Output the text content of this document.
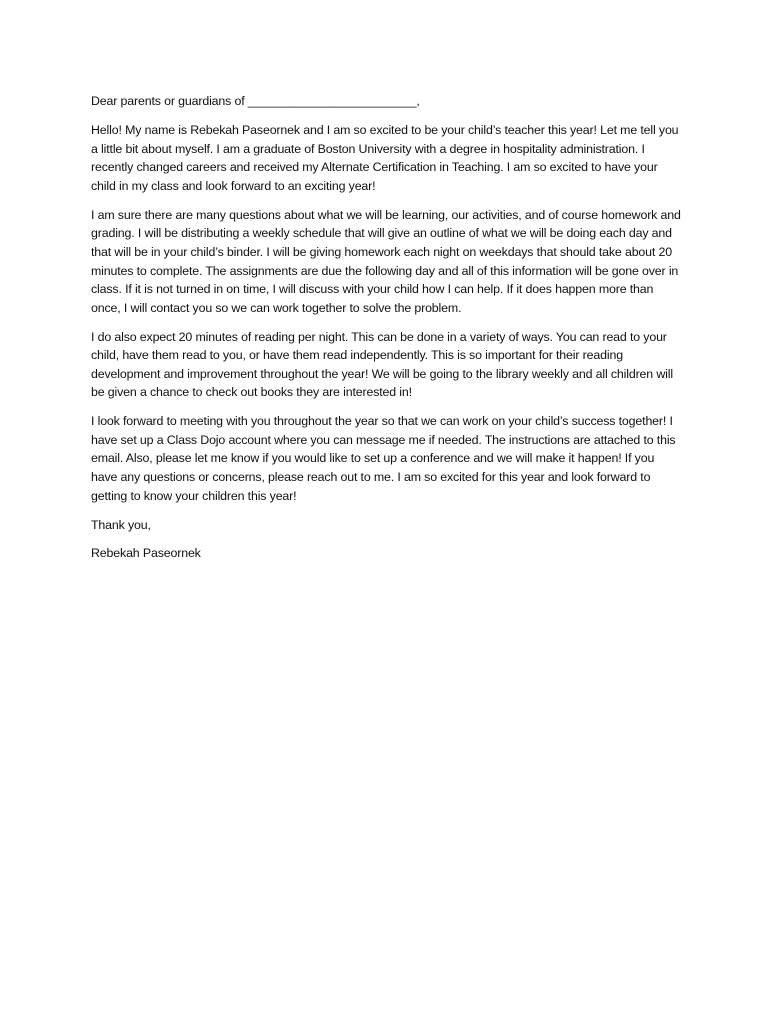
Dear parents or guardians of _________________________,

Hello! My name is Rebekah Paseornek and I am so excited to be your child’s teacher this year! Let me tell you a little bit about myself. I am a graduate of Boston University with a degree in hospitality administration. I recently changed careers and received my Alternate Certification in Teaching. I am so excited to have your child in my class and look forward to an exciting year!

I am sure there are many questions about what we will be learning, our activities, and of course homework and grading. I will be distributing a weekly schedule that will give an outline of what we will be doing each day and that will be in your child’s binder. I will be giving homework each night on weekdays that should take about 20 minutes to complete. The assignments are due the following day and all of this information will be gone over in class. If it is not turned in on time, I will discuss with your child how I can help. If it does happen more than once, I will contact you so we can work together to solve the problem.

I do also expect 20 minutes of reading per night. This can be done in a variety of ways. You can read to your child, have them read to you, or have them read independently. This is so important for their reading development and improvement throughout the year! We will be going to the library weekly and all children will be given a chance to check out books they are interested in!

I look forward to meeting with you throughout the year so that we can work on your child’s success together! I have set up a Class Dojo account where you can message me if needed. The instructions are attached to this email. Also, please let me know if you would like to set up a conference and we will make it happen! If you have any questions or concerns, please reach out to me. I am so excited for this year and look forward to getting to know your children this year!

Thank you,

Rebekah Paseornek
